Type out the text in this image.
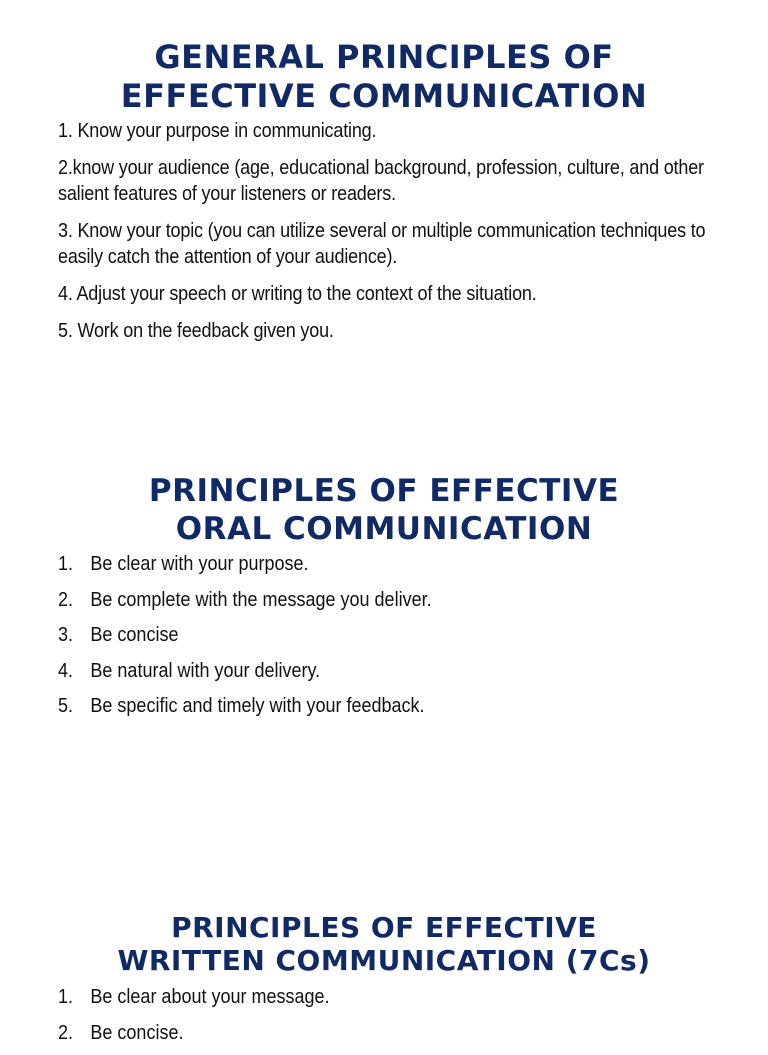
GENERAL PRINCIPLES OF
EFFECTIVE COMMUNICATION
1. Know your purpose in communicating.
2.know your audience (age, educational background, profession, culture, and other salient features of your listeners or readers.
3. Know your topic (you can utilize several or multiple communication techniques to easily catch the attention of your audience).
4. Adjust your speech or writing to the context of the situation.
5. Work on the feedback given you.
PRINCIPLES OF EFFECTIVE
ORAL COMMUNICATION
1. Be clear with your purpose.
2. Be complete with the message you deliver.
3. Be concise
4. Be natural with your delivery.
5. Be specific and timely with your feedback.
PRINCIPLES OF EFFECTIVE
WRITTEN COMMUNICATION (7Cs)
1. Be clear about your message.
2. Be concise.
